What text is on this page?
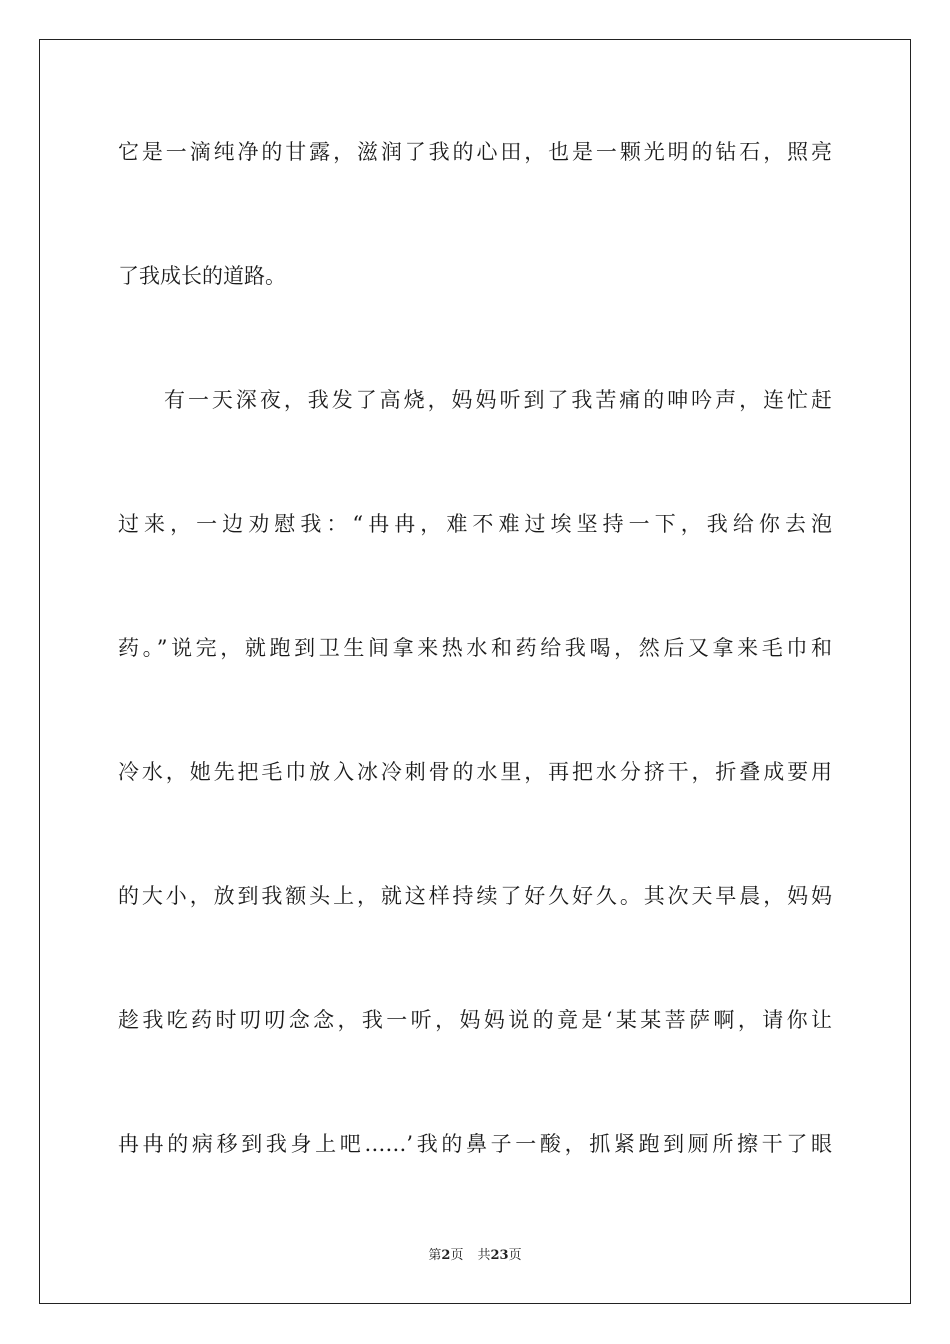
它是一滴纯净的甘露，滋润了我的心田，也是一颗光明的钻石，照亮
了我成长的道路。
有一天深夜，我发了高烧，妈妈听到了我苦痛的呻吟声，连忙赶
过来，一边劝慰我：“冉冉，难不难过埃坚持一下，我给你去泡
药。”说完，就跑到卫生间拿来热水和药给我喝，然后又拿来毛巾和
冷水，她先把毛巾放入冰冷刺骨的水里，再把水分挤干，折叠成要用
的大小，放到我额头上，就这样持续了好久好久。其次天早晨，妈妈
趁我吃药时叨叨念念，我一听，妈妈说的竟是‘某某菩萨啊，请你让
冉冉的病移到我身上吧……’我的鼻子一酸，抓紧跑到厕所擦干了眼
第2页 共23页
